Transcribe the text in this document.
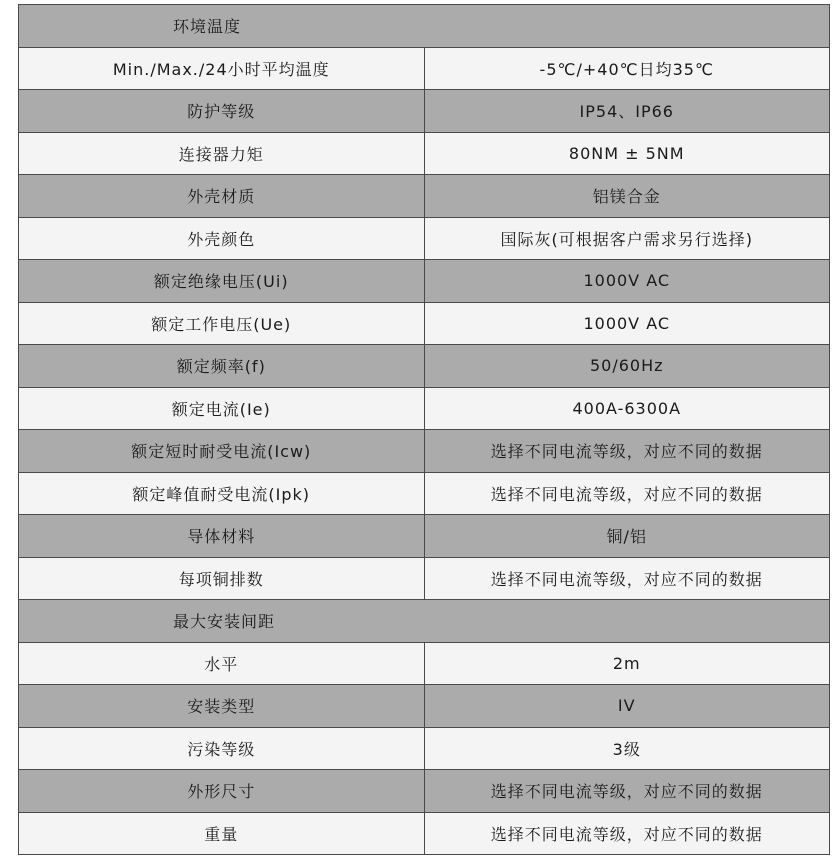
环境温度	
Min./Max./24小时平均温度	-5℃/+40℃日均35℃
防护等级	IP54、IP66
连接器力矩	80NM ± 5NM
外壳材质	铝镁合金
外壳颜色	国际灰(可根据客户需求另行选择)
额定绝缘电压(Ui)	1000V AC
额定工作电压(Ue)	1000V AC
额定频率(f)	50/60Hz
额定电流(Ie)	400A-6300A
额定短时耐受电流(Icw)	选择不同电流等级，对应不同的数据
额定峰值耐受电流(Ipk)	选择不同电流等级，对应不同的数据
导体材料	铜/铝
每项铜排数	选择不同电流等级，对应不同的数据
最大安装间距	
水平	2m
安装类型	IV
污染等级	3级
外形尺寸	选择不同电流等级，对应不同的数据
重量	选择不同电流等级，对应不同的数据
